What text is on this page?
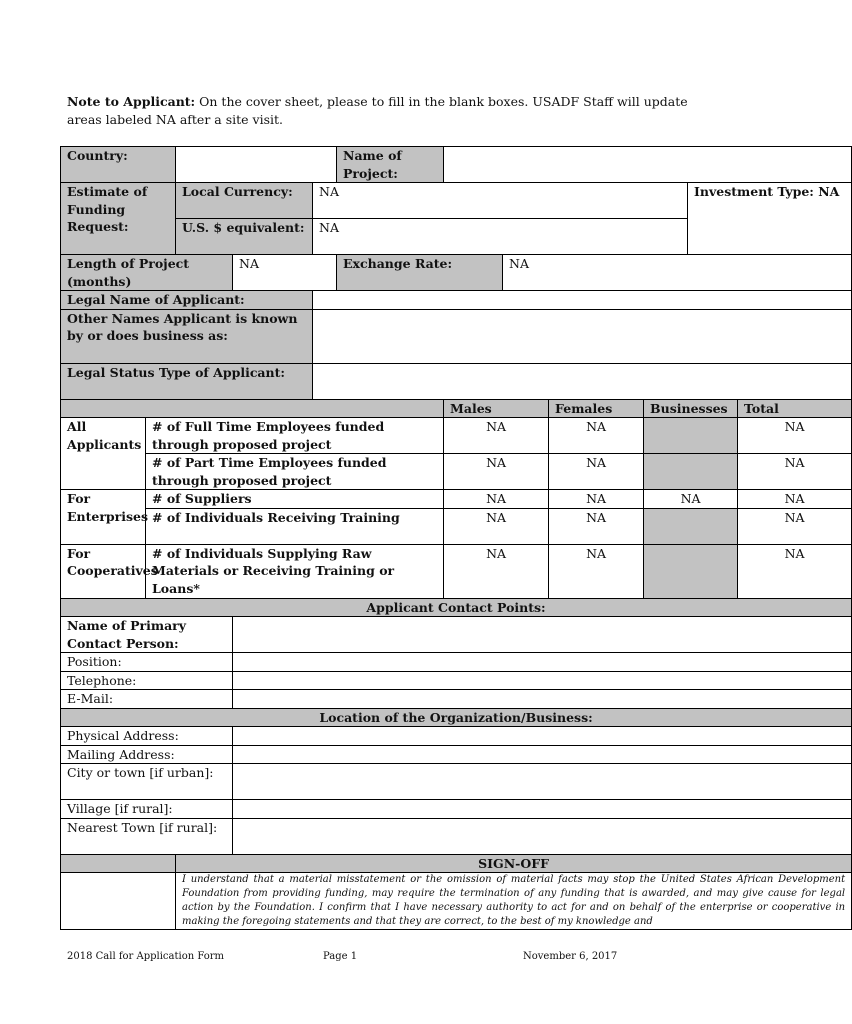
Note to Applicant: On the cover sheet, please to fill in the blank boxes. USADF Staff will update areas labeled NA after a site visit.
Country:					Name of Project:						
Estimate of Funding Request:		Local Currency:		NA						Investment Type: NA	
		U.S. $ equivalent:		NA							
Length of Project (months)			NA		Exchange Rate:		NA				
Legal Name of Applicant:											
Other Names Applicant is known by or does business as:											
Legal Status Type of Applicant:											
						Males		Females	Businesses		Total
All Applicants	# of Full Time Employees funded through proposed project					NA		NA			NA
	# of Part Time Employees funded through proposed project					NA		NA			NA
For Enterprises	# of Suppliers					NA		NA	NA		NA
	# of Individuals Receiving Training					NA		NA			NA
For Cooperatives	# of Individuals Supplying Raw Materials or Receiving Training or Loans*					NA		NA			NA
Applicant Contact Points:											
Name of Primary Contact Person:											
Position:											
Telephone:											
E-Mail:											
Location of the Organization/Business:											
Physical Address:											
Mailing Address:											
City or town [if urban]:											
Village [if rural]:											
Nearest Town [if rural]:											
		SIGN-OFF									

		I understand that a material misstatement or the omission of material facts may stop the United States African Development Foundation from providing funding, may require the termination of any funding that is awarded, and may give cause for legal action by the Foundation. I confirm that I have necessary authority to act for and on behalf of the enterprise or cooperative in making the foregoing statements and that they are correct, to the best of my knowledge and									
2018 Call for Application Form	Page 1	November 6, 2017
